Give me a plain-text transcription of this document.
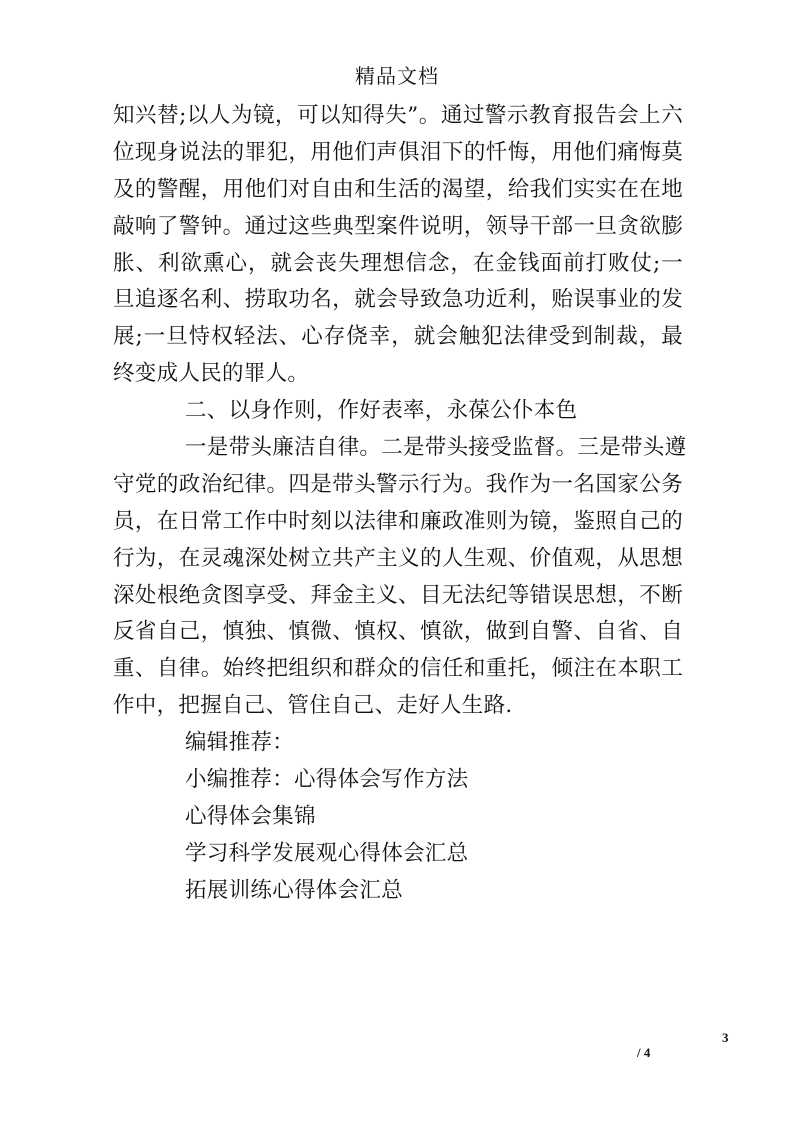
精品文档
知兴替;以人为镜，可以知得失”。通过警示教育报告会上六
位现身说法的罪犯，用他们声俱泪下的忏悔，用他们痛悔莫
及的警醒，用他们对自由和生活的渴望，给我们实实在在地
敲响了警钟。通过这些典型案件说明，领导干部一旦贪欲膨
胀、利欲熏心，就会丧失理想信念，在金钱面前打败仗;一
旦追逐名利、捞取功名，就会导致急功近利，贻误事业的发
展;一旦恃权轻法、心存侥幸，就会触犯法律受到制裁，最
终变成人民的罪人。
二、以身作则，作好表率，永葆公仆本色
一是带头廉洁自律。二是带头接受监督。三是带头遵
守党的政治纪律。四是带头警示行为。我作为一名国家公务
员，在日常工作中时刻以法律和廉政准则为镜，鉴照自己的
行为，在灵魂深处树立共产主义的人生观、价值观，从思想
深处根绝贪图享受、拜金主义、目无法纪等错误思想，不断
反省自己，慎独、慎微、慎权、慎欲，做到自警、自省、自
重、自律。始终把组织和群众的信任和重托，倾注在本职工
作中，把握自己、管住自己、走好人生路.
编辑推荐：
小编推荐：心得体会写作方法
心得体会集锦
学习科学发展观心得体会汇总
拓展训练心得体会汇总
3
/ 4
